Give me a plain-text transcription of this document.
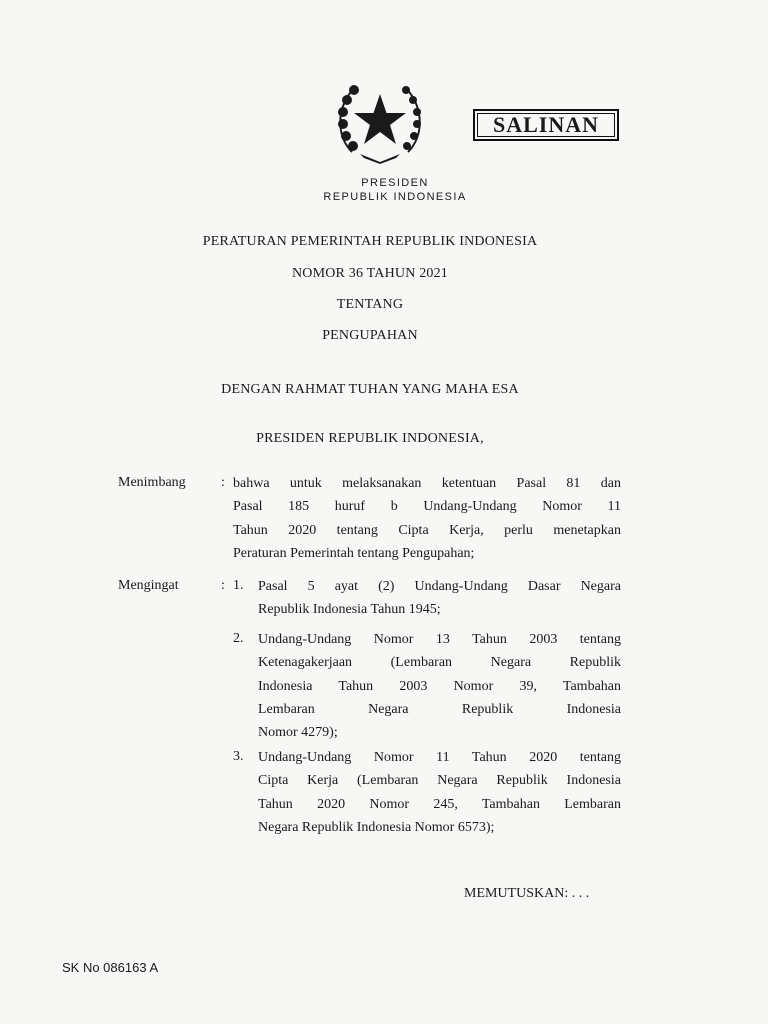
SALINAN
PRESIDEN
REPUBLIK INDONESIA
PERATURAN PEMERINTAH REPUBLIK INDONESIA
NOMOR 36 TAHUN 2021
TENTANG
PENGUPAHAN
DENGAN RAHMAT TUHAN YANG MAHA ESA
PRESIDEN REPUBLIK INDONESIA,
Menimbang	: bahwa untuk melaksanakan ketentuan Pasal 81 dan
Pasal 185 huruf b Undang-Undang Nomor 11
Tahun 2020 tentang Cipta Kerja, perlu menetapkan
Peraturan Pemerintah tentang Pengupahan;
Mengingat	: 1. Pasal 5 ayat (2) Undang-Undang Dasar Negara
Republik Indonesia Tahun 1945;
2. Undang-Undang Nomor 13 Tahun 2003 tentang
Ketenagakerjaan (Lembaran Negara Republik
Indonesia Tahun 2003 Nomor 39, Tambahan
Lembaran Negara Republik Indonesia
Nomor 4279);
3. Undang-Undang Nomor 11 Tahun 2020 tentang
Cipta Kerja (Lembaran Negara Republik Indonesia
Tahun 2020 Nomor 245, Tambahan Lembaran
Negara Republik Indonesia Nomor 6573);
MEMUTUSKAN: . . .
SK No 086163 A
